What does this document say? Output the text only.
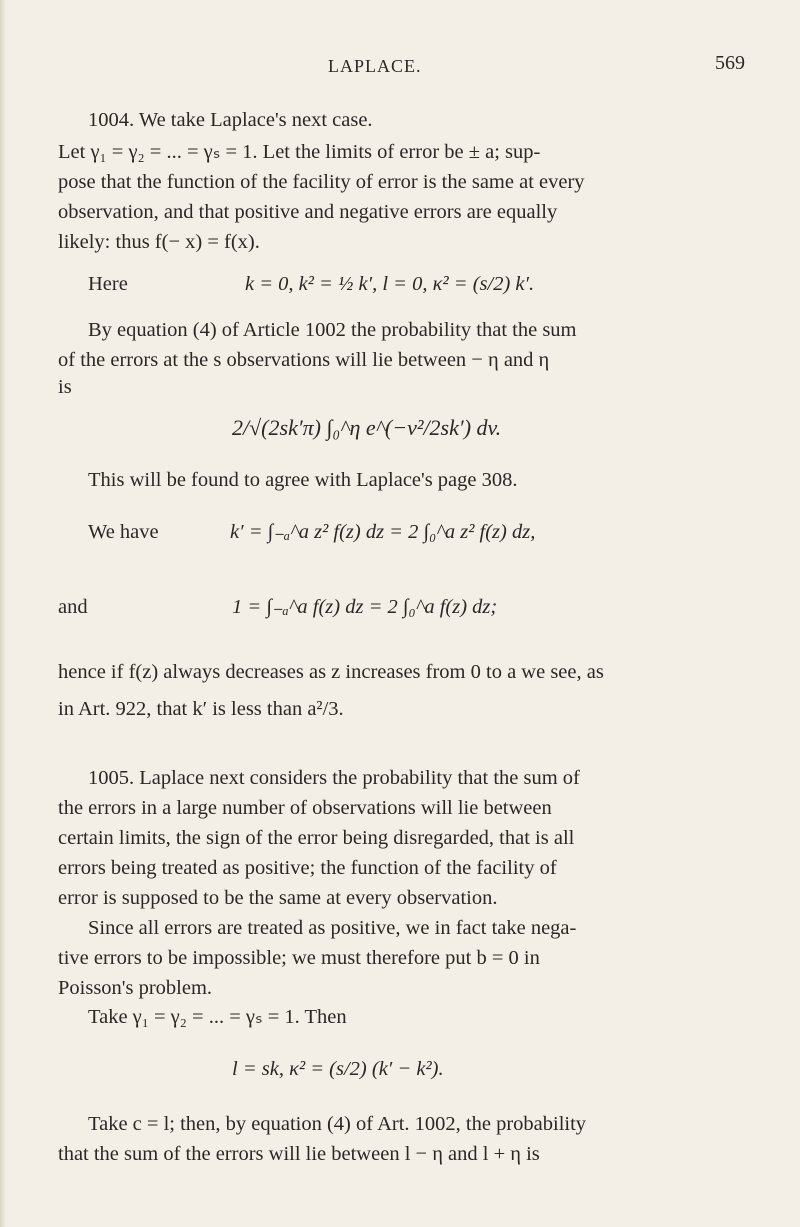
LAPLACE.	569
1004. We take Laplace's next case.
Let γ₁ = γ₂ = ... = γₛ = 1. Let the limits of error be ± a; sup-
pose that the function of the facility of error is the same at every
observation, and that positive and negative errors are equally
likely: thus f(− x) = f(x).
Here	k = 0, k² = ½ k′, l = 0, κ² = (s/2) k′.
By equation (4) of Article 1002 the probability that the sum
of the errors at the s observations will lie between − η and η
is
2/√(2sk′π) ∫₀^η e^(−v²/2sk′) dv.
This will be found to agree with Laplace's page 308.
We have	k′ = ∫₋ₐ^a z² f(z) dz = 2 ∫₀^a z² f(z) dz,
and	1 = ∫₋ₐ^a f(z) dz = 2 ∫₀^a f(z) dz;
hence if f(z) always decreases as z increases from 0 to a we see, as
in Art. 922, that k′ is less than a²/3.
1005. Laplace next considers the probability that the sum of
the errors in a large number of observations will lie between
certain limits, the sign of the error being disregarded, that is all
errors being treated as positive; the function of the facility of
error is supposed to be the same at every observation.
Since all errors are treated as positive, we in fact take nega-
tive errors to be impossible; we must therefore put b = 0 in
Poisson's problem.
Take γ₁ = γ₂ = ... = γₛ = 1. Then
l = sk, κ² = (s/2) (k′ − k²).
Take c = l; then, by equation (4) of Art. 1002, the probability
that the sum of the errors will lie between l − η and l + η is
